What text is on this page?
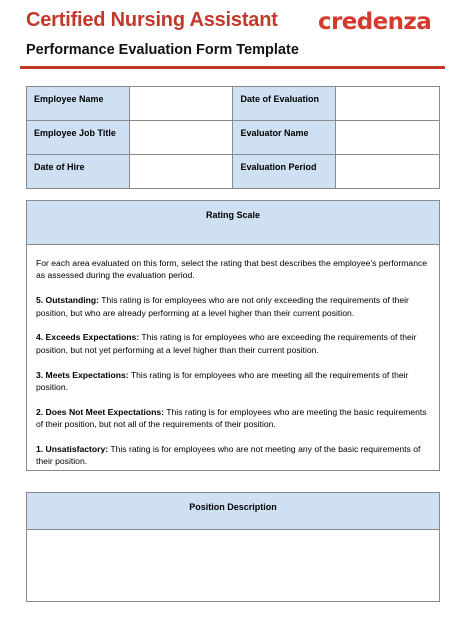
Certified Nursing Assistant
Performance Evaluation Form Template
credenza
Employee Name		Date of Evaluation	
Employee Job Title		Evaluator Name	
Date of Hire		Evaluation Period	
Rating Scale

For each area evaluated on this form, select the rating that best describes the employee’s performance as assessed during the evaluation period.

5. Outstanding: This rating is for employees who are not only exceeding the requirements of their position, but who are already performing at a level higher than their current position.

4. Exceeds Expectations: This rating is for employees who are exceeding the requirements of their position, but not yet performing at a level higher than their current position.

3. Meets Expectations: This rating is for employees who are meeting all the requirements of their position.

2. Does Not Meet Expectations: This rating is for employees who are meeting the basic requirements of their position, but not all of the requirements of their position.

1. Unsatisfactory: This rating is for employees who are not meeting any of the basic requirements of their position.

Position Description
